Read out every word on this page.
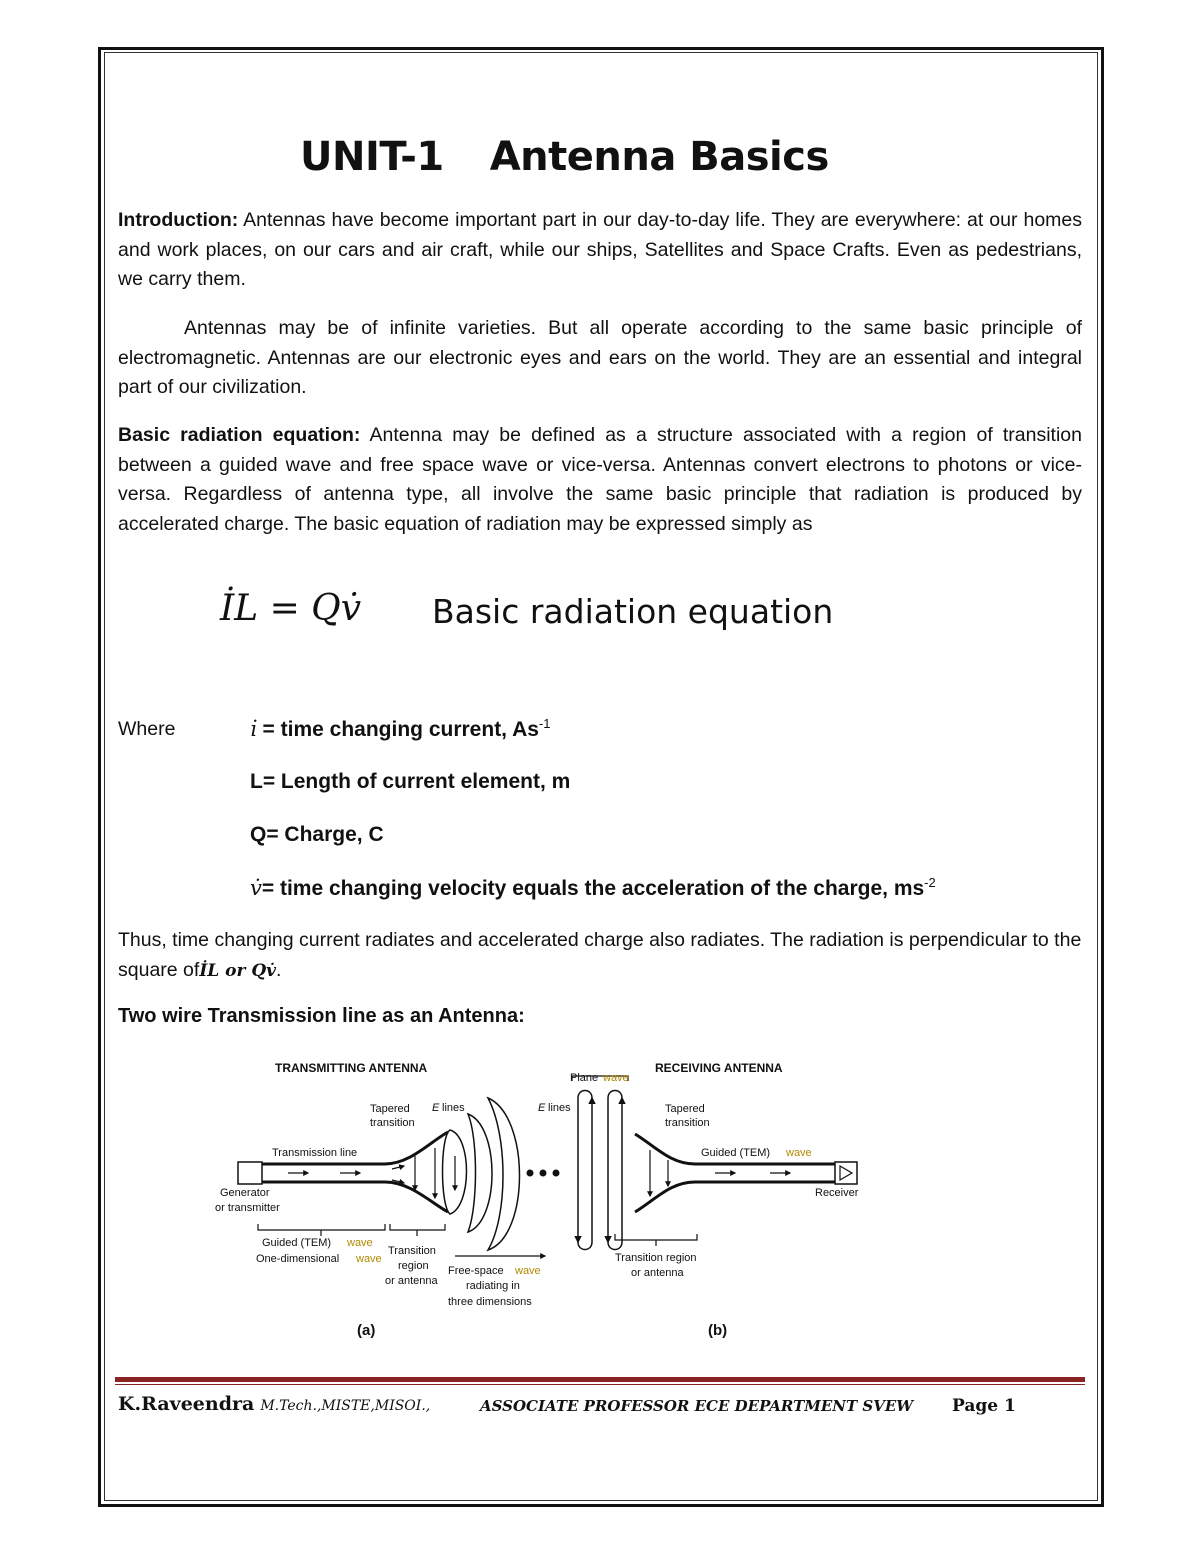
UNIT-1 Antenna Basics
Introduction: Antennas have become important part in our day-to-day life. They are everywhere: at our homes and work places, on our cars and air craft, while our ships, Satellites and Space Crafts. Even as pedestrians, we carry them.
Antennas may be of infinite varieties. But all operate according to the same basic principle of electromagnetic. Antennas are our electronic eyes and ears on the world. They are an essential and integral part of our civilization.
Basic radiation equation: Antenna may be defined as a structure associated with a region of transition between a guided wave and free space wave or vice-versa. Antennas convert electrons to photons or vice-versa. Regardless of antenna type, all involve the same basic principle that radiation is produced by accelerated charge. The basic equation of radiation may be expressed simply as
İL = Qv̇ Basic radiation equation
Where	i̇ = time changing current, $As^{-1}$
L= Length of current element, m
Q= Charge, C
v̇= time changing velocity equals the acceleration of the charge, $ms^{-2}$
Thus, time changing current radiates and accelerated charge also radiates. The radiation is perpendicular to the square ofİL or Qv̇.
Two wire Transmission line as an Antenna:
TRANSMITTING ANTENNA	RECEIVING ANTENNA
Plane wave
Tapered
transition
E lines	E lines
Transmission line
Generator
or transmitter
Tapered
transition
Guided (TEM) wave
Receiver
Guided (TEM) wave
One-dimensional wave
Transition
region
or antenna
Free-space wave
radiating in
three dimensions
Transition region
or antenna
(a)	(b)
K.Raveendra M.Tech.,MISTE,MISOI.,	ASSOCIATE PROFESSOR ECE DEPARTMENT SVEW Page 1
